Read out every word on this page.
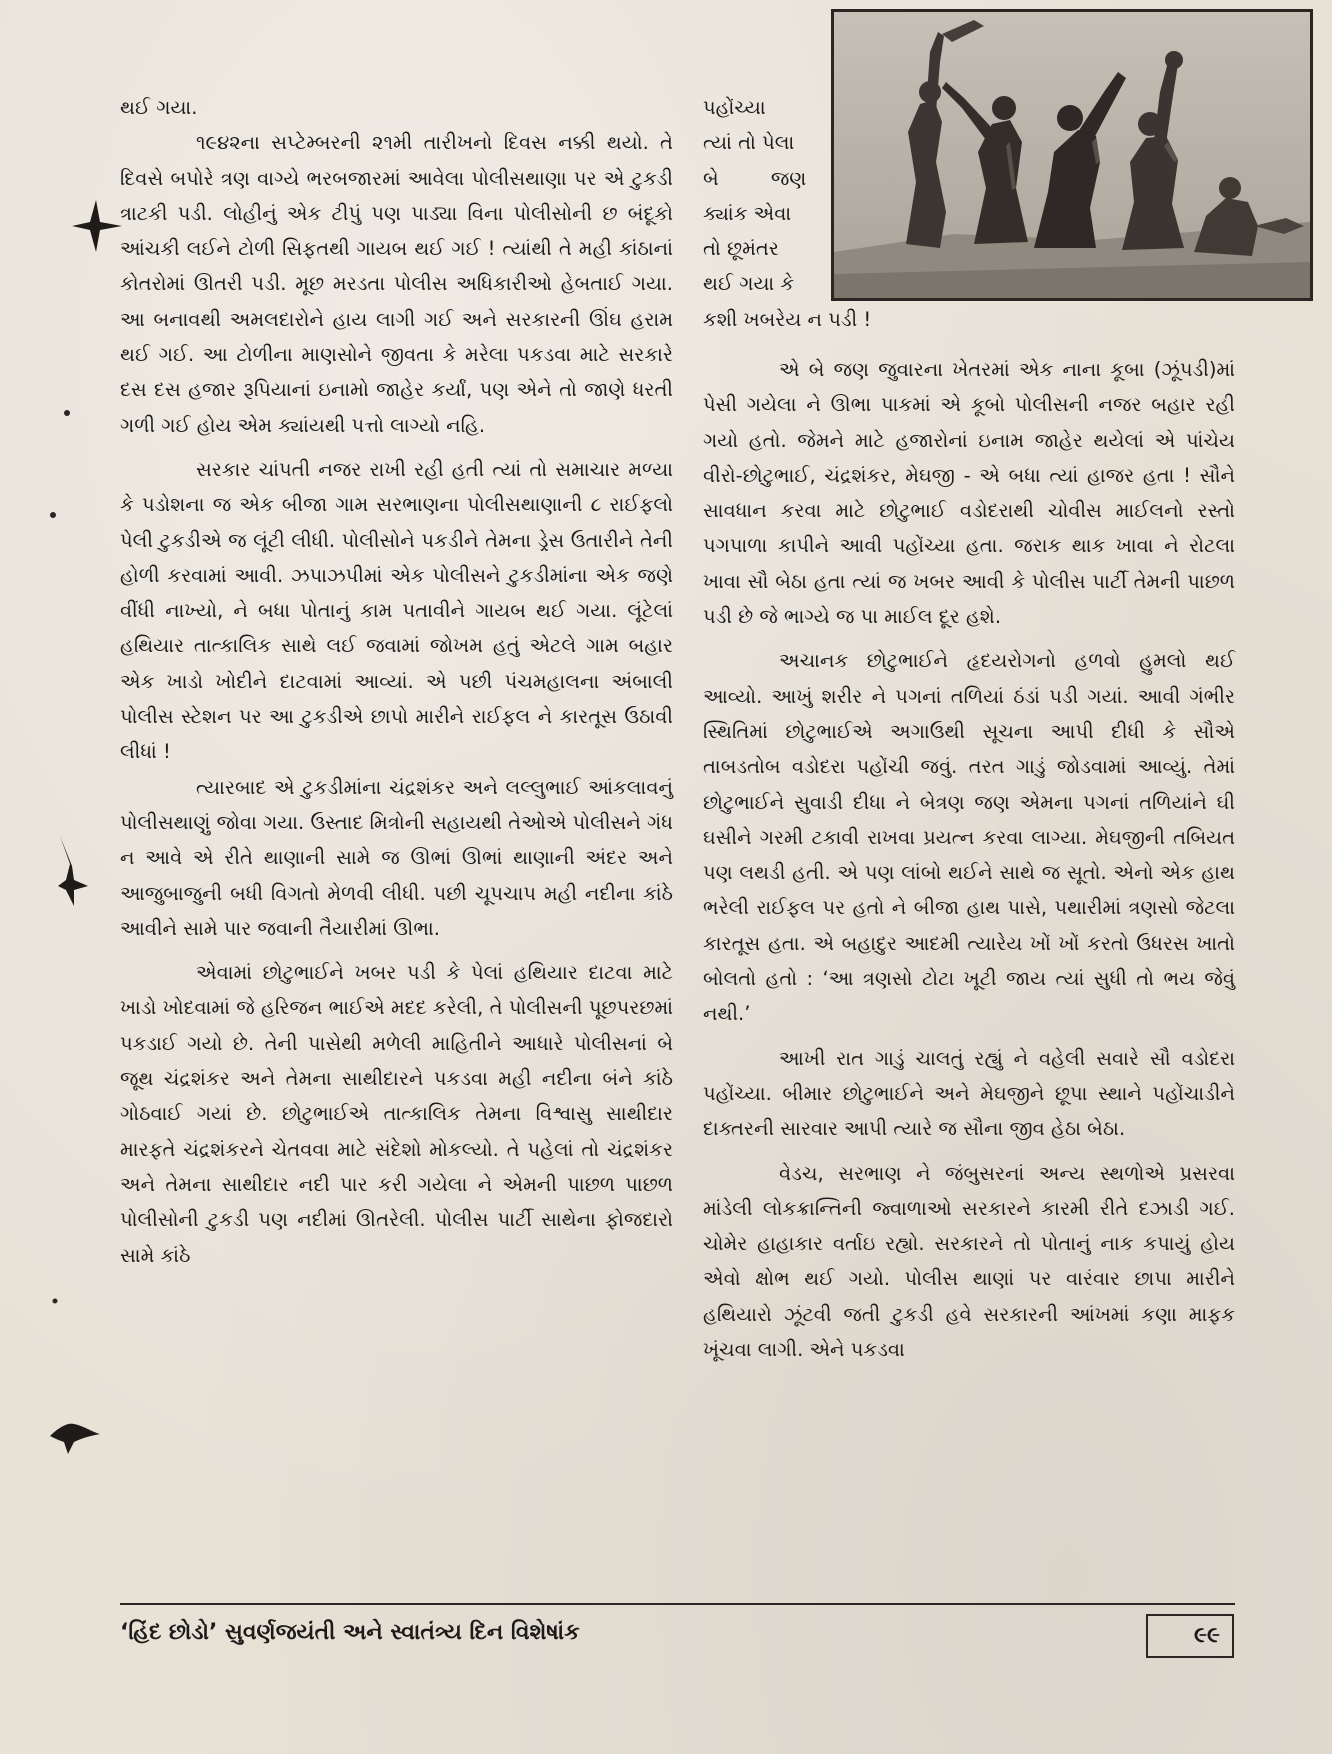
થઈ ગયા.

૧૯૪૨ના સપ્ટેમ્બરની ૨૧મી તારીખનો દિવસ નક્કી થયો. તે દિવસે બપોરે ત્રણ વાગ્યે ભરબજારમાં આવેલા પોલીસથાણા પર એ ટુકડી ત્રાટકી પડી. લોહીનું એક ટીપું પણ પાડ્યા વિના પોલીસોની છ બંદૂકો આંચકી લઈને ટોળી સિફતથી ગાયબ થઈ ગઈ ! ત્યાંથી તે મહી કાંઠાનાં કોતરોમાં ઊતરી પડી. મૂછ મરડતા પોલીસ અધિકારીઓ હેબતાઈ ગયા. આ બનાવથી અમલદારોને હાય લાગી ગઈ અને સરકારની ઊંઘ હરામ થઈ ગઈ. આ ટોળીના માણસોને જીવતા કે મરેલા પકડવા માટે સરકારે દસ દસ હજાર રૂપિયાનાં ઇનામો જાહેર કર્યાં, પણ એને તો જાણે ધરતી ગળી ગઈ હોય એમ ક્યાંયથી પત્તો લાગ્યો નહિ.

સરકાર ચાંપતી નજર રાખી રહી હતી ત્યાં તો સમાચાર મળ્યા કે પડોશના જ એક બીજા ગામ સરભાણના પોલીસથાણાની ૮ રાઈફલો પેલી ટુકડીએ જ લૂંટી લીધી. પોલીસોને પકડીને તેમના ડ્રેસ ઉતારીને તેની હોળી કરવામાં આવી. ઝપાઝપીમાં એક પોલીસને ટુકડીમાંના એક જણે વીંધી નાખ્યો, ને બધા પોતાનું કામ પતાવીને ગાયબ થઈ ગયા. લૂંટેલાં હથિયાર તાત્કાલિક સાથે લઈ જવામાં જોખમ હતું એટલે ગામ બહાર એક ખાડો ખોદીને દાટવામાં આવ્યાં. એ પછી પંચમહાલના અંબાલી પોલીસ સ્ટેશન પર આ ટુકડીએ છાપો મારીને રાઈફલ ને કારતૂસ ઉઠાવી લીધાં !

ત્યારબાદ એ ટુકડીમાંના ચંદ્રશંકર અને લલ્લુભાઈ આંકલાવનું પોલીસથાણું જોવા ગયા. ઉસ્તાદ મિત્રોની સહાયથી તેઓએ પોલીસને ગંધ ન આવે એ રીતે થાણાની સામે જ ઊભાં ઊભાં થાણાની અંદર અને આજુબાજુની બધી વિગતો મેળવી લીધી. પછી ચૂપચાપ મહી નદીના કાંઠે આવીને સામે પાર જવાની તૈયારીમાં ઊભા.

એવામાં છોટુભાઈને ખબર પડી કે પેલાં હથિયાર દાટવા માટે ખાડો ખોદવામાં જે હરિજન ભાઈએ મદદ કરેલી, તે પોલીસની પૂછપરછમાં પકડાઈ ગયો છે. તેની પાસેથી મળેલી માહિતીને આધારે પોલીસનાં બે જૂથ ચંદ્રશંકર અને તેમના સાથીદારને પકડવા મહી નદીના બંને કાંઠે ગોઠવાઈ ગયાં છે. છોટુભાઈએ તાત્કાલિક તેમના વિશ્વાસુ સાથીદાર મારફતે ચંદ્રશંકરને ચેતવવા માટે સંદેશો મોકલ્યો. તે પહેલાં તો ચંદ્રશંકર અને તેમના સાથીદાર નદી પાર કરી ગયેલા ને એમની પાછળ પાછળ પોલીસોની ટુકડી પણ નદીમાં ઊતરેલી. પોલીસ પાર્ટી સાથેના ફોજદારો સામે કાંઠે

પહોંચ્યા
ત્યાં તો પેલા
બે જણ
ક્યાંક એવા
તો છૂમંતર
થઈ ગયા કે
કશી ખબરેય ન પડી !

એ બે જણ જુવારના ખેતરમાં એક નાના કૂબા (ઝૂંપડી)માં પેસી ગયેલા ને ઊભા પાકમાં એ કૂબો પોલીસની નજર બહાર રહી ગયો હતો. જેમને માટે હજારોનાં ઇનામ જાહેર થયેલાં એ પાંચેય વીરો-છોટુભાઈ, ચંદ્રશંકર, મેઘજી - એ બધા ત્યાં હાજર હતા ! સૌને સાવધાન કરવા માટે છોટુભાઈ વડોદરાથી ચોવીસ માઈલનો રસ્તો પગપાળા કાપીને આવી પહોંચ્યા હતા. જરાક થાક ખાવા ને રોટલા ખાવા સૌ બેઠા હતા ત્યાં જ ખબર આવી કે પોલીસ પાર્ટી તેમની પાછળ પડી છે જે ભાગ્યે જ પા માઈલ દૂર હશે.

અચાનક છોટુભાઈને હૃદયરોગનો હળવો હુમલો થઈ આવ્યો. આખું શરીર ને પગનાં તળિયાં ઠંડાં પડી ગયાં. આવી ગંભીર સ્થિતિમાં છોટુભાઈએ અગાઉથી સૂચના આપી દીધી કે સૌએ તાબડતોબ વડોદરા પહોંચી જવું. તરત ગાડું જોડવામાં આવ્યું. તેમાં છોટુભાઈને સુવાડી દીધા ને બેત્રણ જણ એમના પગનાં તળિયાંને ઘી ઘસીને ગરમી ટકાવી રાખવા પ્રયત્ન કરવા લાગ્યા. મેઘજીની તબિયત પણ લથડી હતી. એ પણ લાંબો થઈને સાથે જ સૂતો. એનો એક હાથ ભરેલી રાઈફલ પર હતો ને બીજા હાથ પાસે, પથારીમાં ત્રણસો જેટલા કારતૂસ હતા. એ બહાદુર આદમી ત્યારેય ખોં ખોં કરતો ઉધરસ ખાતો બોલતો હતો : ‘આ ત્રણસો ટોટા ખૂટી જાય ત્યાં સુધી તો ભય જેવું નથી.’

આખી રાત ગાડું ચાલતું રહ્યું ને વહેલી સવારે સૌ વડોદરા પહોંચ્યા. બીમાર છોટુભાઈને અને મેઘજીને છૂપા સ્થાને પહોંચાડીને દાક્તરની સારવાર આપી ત્યારે જ સૌના જીવ હેઠા બેઠા.

વેડચ, સરભાણ ને જંબુસરનાં અન્ય સ્થળોએ પ્રસરવા માંડેલી લોકક્રાન્તિની જ્વાળાઓ સરકારને કારમી રીતે દઝાડી ગઈ. ચોમેર હાહાકાર વર્તાઇ રહ્યો. સરકારને તો પોતાનું નાક કપાયું હોય એવો ક્ષોભ થઈ ગયો. પોલીસ થાણાં પર વારંવાર છાપા મારીને હથિયારો ઝૂંટવી જતી ટુકડી હવે સરકારની આંખમાં કણા માફક ખૂંચવા લાગી. એને પકડવા

‘હિંદ છોડો’ સુવર્ણજયંતી અને સ્વાતંત્ર્ય દિન વિશેષાંક	૯૯
